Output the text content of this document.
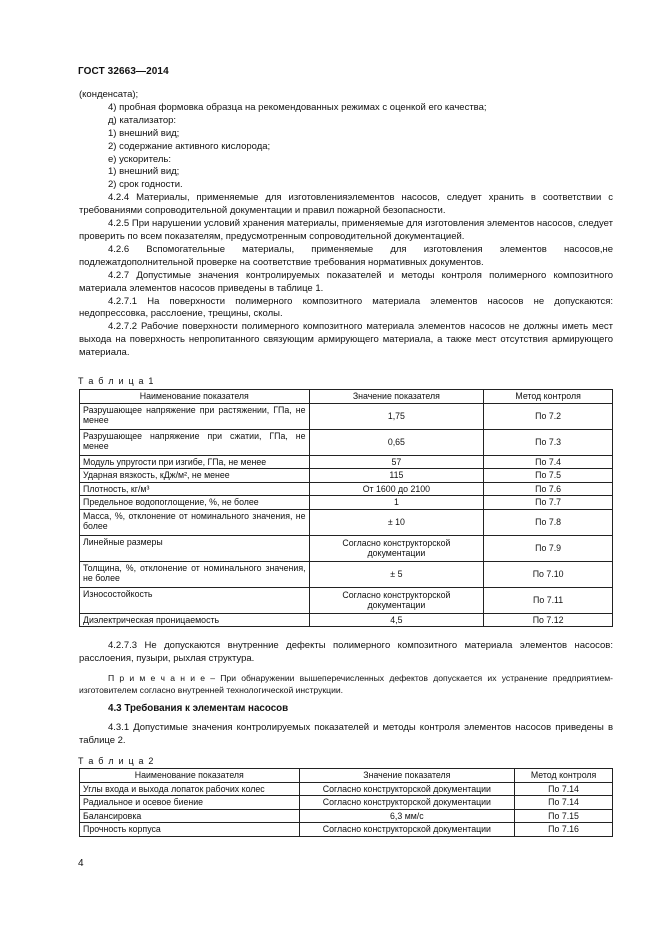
ГОСТ 32663—2014

(конденсата);

4) пробная формовка образца на рекомендованных режимах с оценкой его качества;

д) катализатор:

1) внешний вид;

2) содержание активного кислорода;

е) ускоритель:

1) внешний вид;

2) срок годности.

4.2.4 Материалы, применяемые для изготовленияэлементов насосов, следует хранить в соответствии с требованиями сопроводительной документации и правил пожарной безопасности.

4.2.5 При нарушении условий хранения материалы, применяемые для изготовления элементов насосов, следует проверить по всем показателям, предусмотренным сопроводительной документацией.

4.2.6 Вспомогательные материалы, применяемые для изготовления элементов насосов,не подлежатдополнительной проверке на соответствие требования нормативных документов.

4.2.7 Допустимые значения контролируемых показателей и методы контроля полимерного композитного материала элементов насосов приведены в таблице 1.

4.2.7.1 На поверхности полимерного композитного материала элементов насосов не допускаются: недопрессовка, расслоение, трещины, сколы.

4.2.7.2 Рабочие поверхности полимерного композитного материала элементов насосов не должны иметь мест выхода на поверхность непропитанного связующим армирующего материала, а также мест отсутствия армирующего материала.

Т а б л и ц а 1
Наименование показателя	Значение показателя	Метод контроля
Разрушающее напряжение при растяжении, ГПа, не менее	1,75	По 7.2
Разрушающее напряжение при сжатии, ГПа, не менее	0,65	По 7.3
Модуль упругости при изгибе, ГПа, не менее	57	По 7.4
Ударная вязкость, кДж/м², не менее	115	По 7.5
Плотность, кг/м³	От 1600 до 2100	По 7.6
Предельное водопоглощение, %, не более	1	По 7.7
Масса, %, отклонение от номинального значения, не более	± 10	По 7.8
Линейные размеры	Согласно конструкторской документации	По 7.9
Толщина, %, отклонение от номинального значения, не более	± 5	По 7.10
Износостойкость	Согласно конструкторской документации	По 7.11
Диэлектрическая проницаемость	4,5	По 7.12

4.2.7.3 Не допускаются внутренние дефекты полимерного композитного материала элементов насосов: расслоения, пузыри, рыхлая структура.

П р и м е ч а н и е – При обнаружении вышеперечисленных дефектов допускается их устранение предприятием-изготовителем согласно внутренней технологической инструкции.
4.3 Требования к элементам насосов

4.3.1 Допустимые значения контролируемых показателей и методы контроля элементов насосов приведены в таблице 2.

Т а б л и ц а 2
Наименование показателя	Значение показателя	Метод контроля
Углы входа и выхода лопаток рабочих колес	Согласно конструкторской документации	По 7.14
Радиальное и осевое биение	Согласно конструкторской документации	По 7.14
Балансировка	6,3 мм/с	По 7.15
Прочность корпуса	Согласно конструкторской документации	По 7.16
4
